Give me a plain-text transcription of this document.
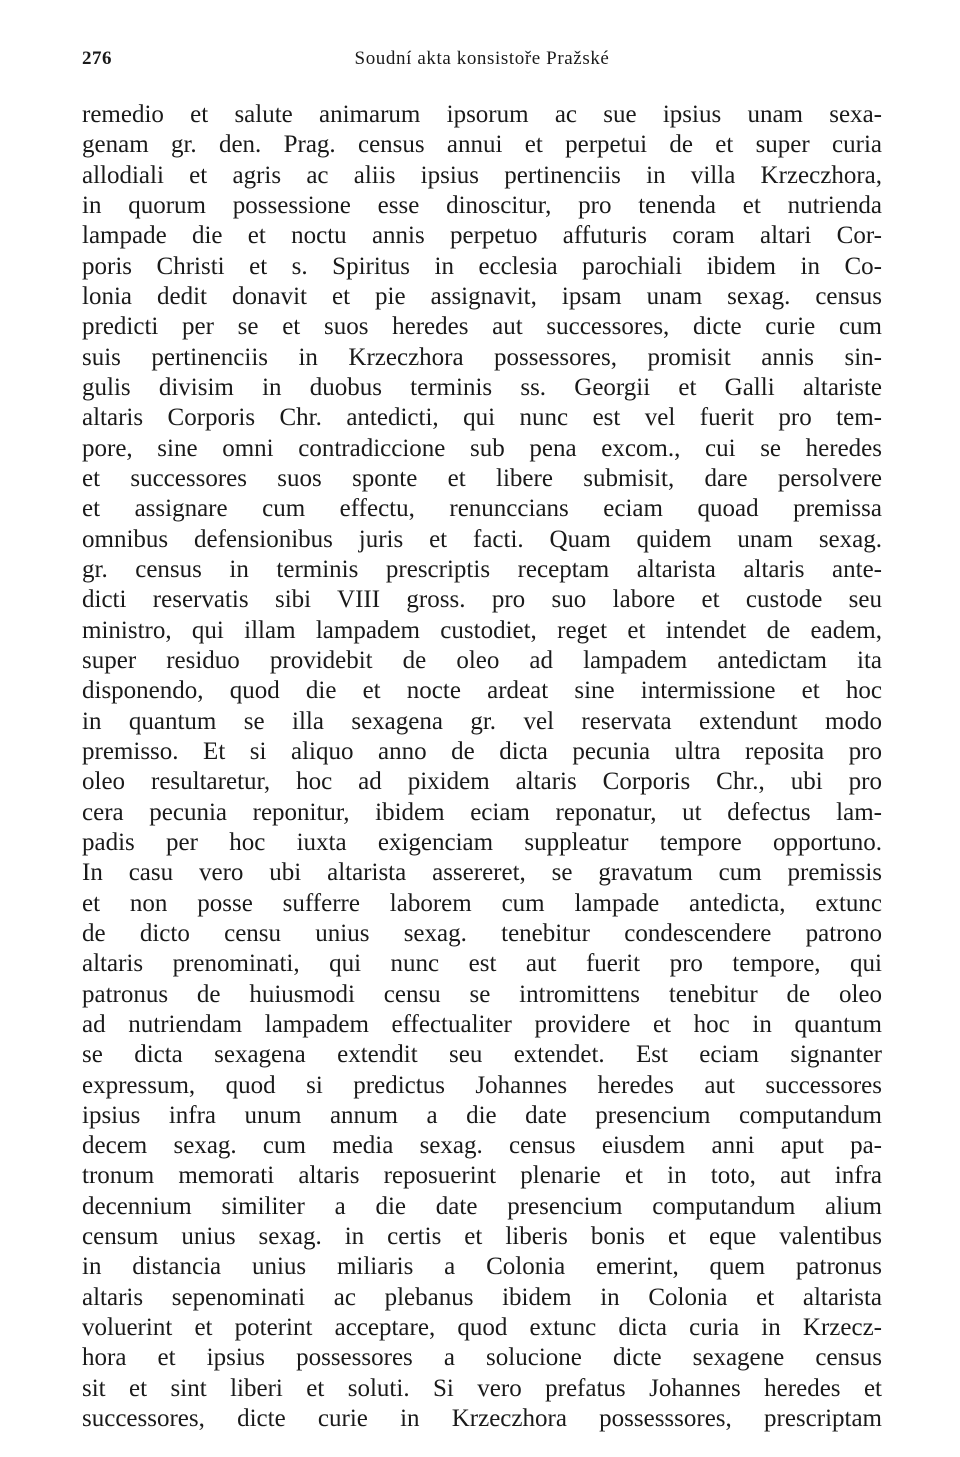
276	Soudní akta konsistoře Pražské
remedio et salute animarum ipsorum ac sue ipsius unam sexa-
genam gr. den. Prag. census annui et perpetui de et super curia
allodiali et agris ac aliis ipsius pertinenciis in villa Krzeczhora,
in quorum possessione esse dinoscitur, pro tenenda et nutrienda
lampade die et noctu annis perpetuo affuturis coram altari Cor-
poris Christi et s. Spiritus in ecclesia parochiali ibidem in Co-
lonia dedit donavit et pie assignavit, ipsam unam sexag. census
predicti per se et suos heredes aut successores, dicte curie cum
suis pertinenciis in Krzeczhora possessores, promisit annis sin-
gulis divisim in duobus terminis ss. Georgii et Galli altariste
altaris Corporis Chr. antedicti, qui nunc est vel fuerit pro tem-
pore, sine omni contradiccione sub pena excom., cui se heredes
et successores suos sponte et libere submisit, dare persolvere
et assignare cum effectu, renunccians eciam quoad premissa
omnibus defensionibus juris et facti. Quam quidem unam sexag.
gr. census in terminis prescriptis receptam altarista altaris ante-
dicti reservatis sibi VIII gross. pro suo labore et custode seu
ministro, qui illam lampadem custodiet, reget et intendet de eadem,
super residuo providebit de oleo ad lampadem antedictam ita
disponendo, quod die et nocte ardeat sine intermissione et hoc
in quantum se illa sexagena gr. vel reservata extendunt modo
premisso. Et si aliquo anno de dicta pecunia ultra reposita pro
oleo resultaretur, hoc ad pixidem altaris Corporis Chr., ubi pro
cera pecunia reponitur, ibidem eciam reponatur, ut defectus lam-
padis per hoc iuxta exigenciam suppleatur tempore opportuno.
In casu vero ubi altarista assereret, se gravatum cum premissis
et non posse sufferre laborem cum lampade antedicta, extunc
de dicto censu unius sexag. tenebitur condescendere patrono
altaris prenominati, qui nunc est aut fuerit pro tempore, qui
patronus de huiusmodi censu se intromittens tenebitur de oleo
ad nutriendam lampadem effectualiter providere et hoc in quantum
se dicta sexagena extendit seu extendet. Est eciam signanter
expressum, quod si predictus Johannes heredes aut successores
ipsius infra unum annum a die date presencium computandum
decem sexag. cum media sexag. census eiusdem anni aput pa-
tronum memorati altaris reposuerint plenarie et in toto, aut infra
decennium similiter a die date presencium computandum alium
censum unius sexag. in certis et liberis bonis et eque valentibus
in distancia unius miliaris a Colonia emerint, quem patronus
altaris sepenominati ac plebanus ibidem in Colonia et altarista
voluerint et poterint acceptare, quod extunc dicta curia in Krzecz-
hora et ipsius possessores a solucione dicte sexagene census
sit et sint liberi et soluti. Si vero prefatus Johannes heredes et
successores, dicte curie in Krzeczhora possesssores, prescriptam
